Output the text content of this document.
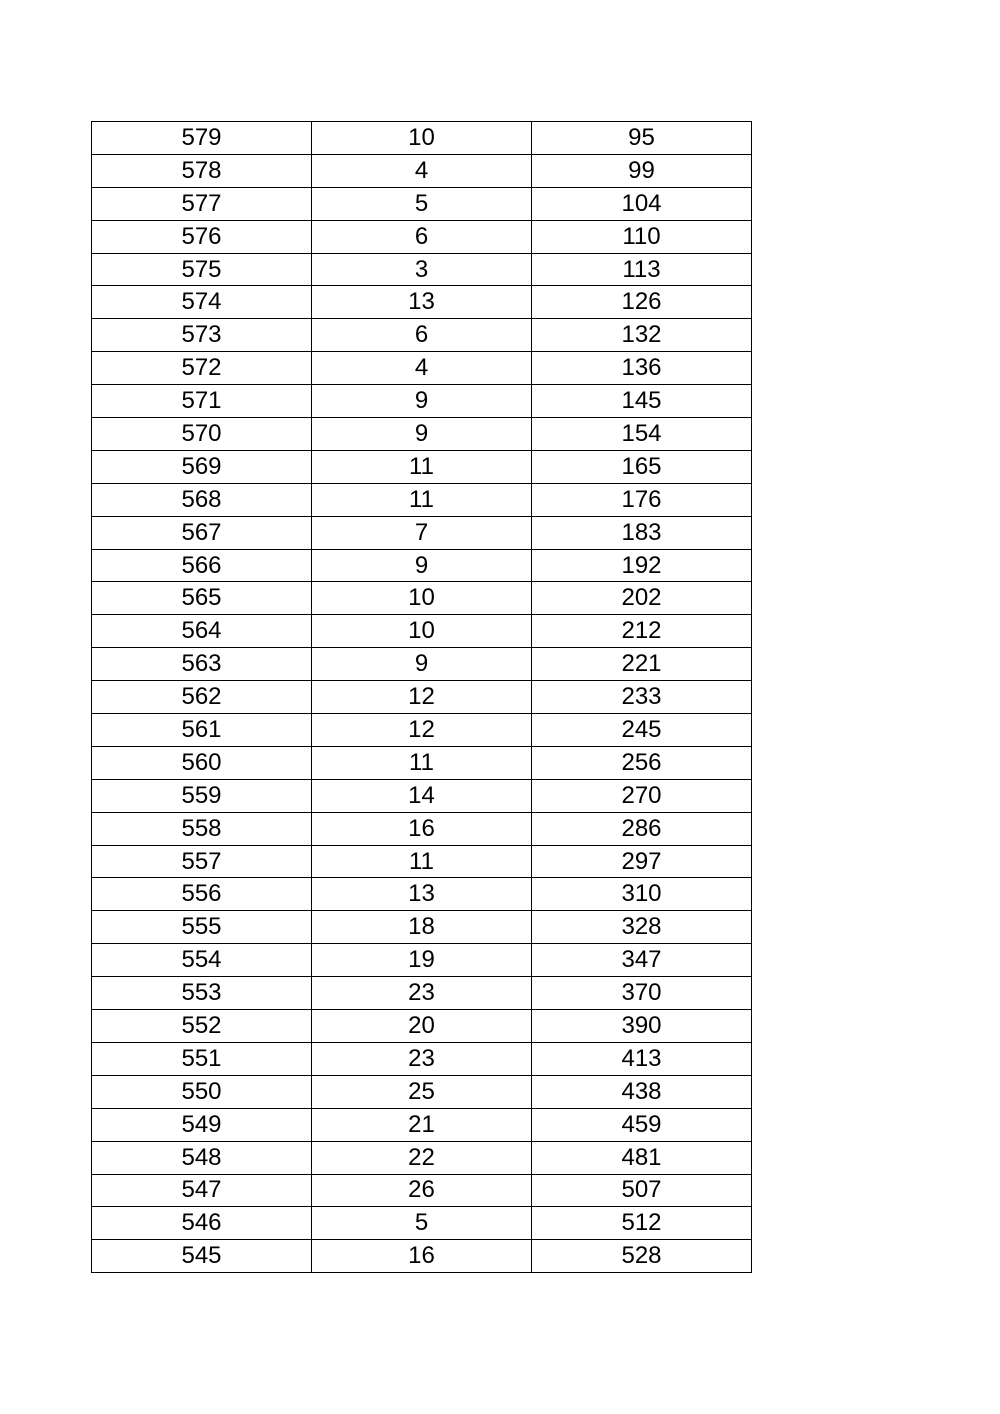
579	10	95
578	4	99
577	5	104
576	6	110
575	3	113
574	13	126
573	6	132
572	4	136
571	9	145
570	9	154
569	11	165
568	11	176
567	7	183
566	9	192
565	10	202
564	10	212
563	9	221
562	12	233
561	12	245
560	11	256
559	14	270
558	16	286
557	11	297
556	13	310
555	18	328
554	19	347
553	23	370
552	20	390
551	23	413
550	25	438
549	21	459
548	22	481
547	26	507
546	5	512
545	16	528
